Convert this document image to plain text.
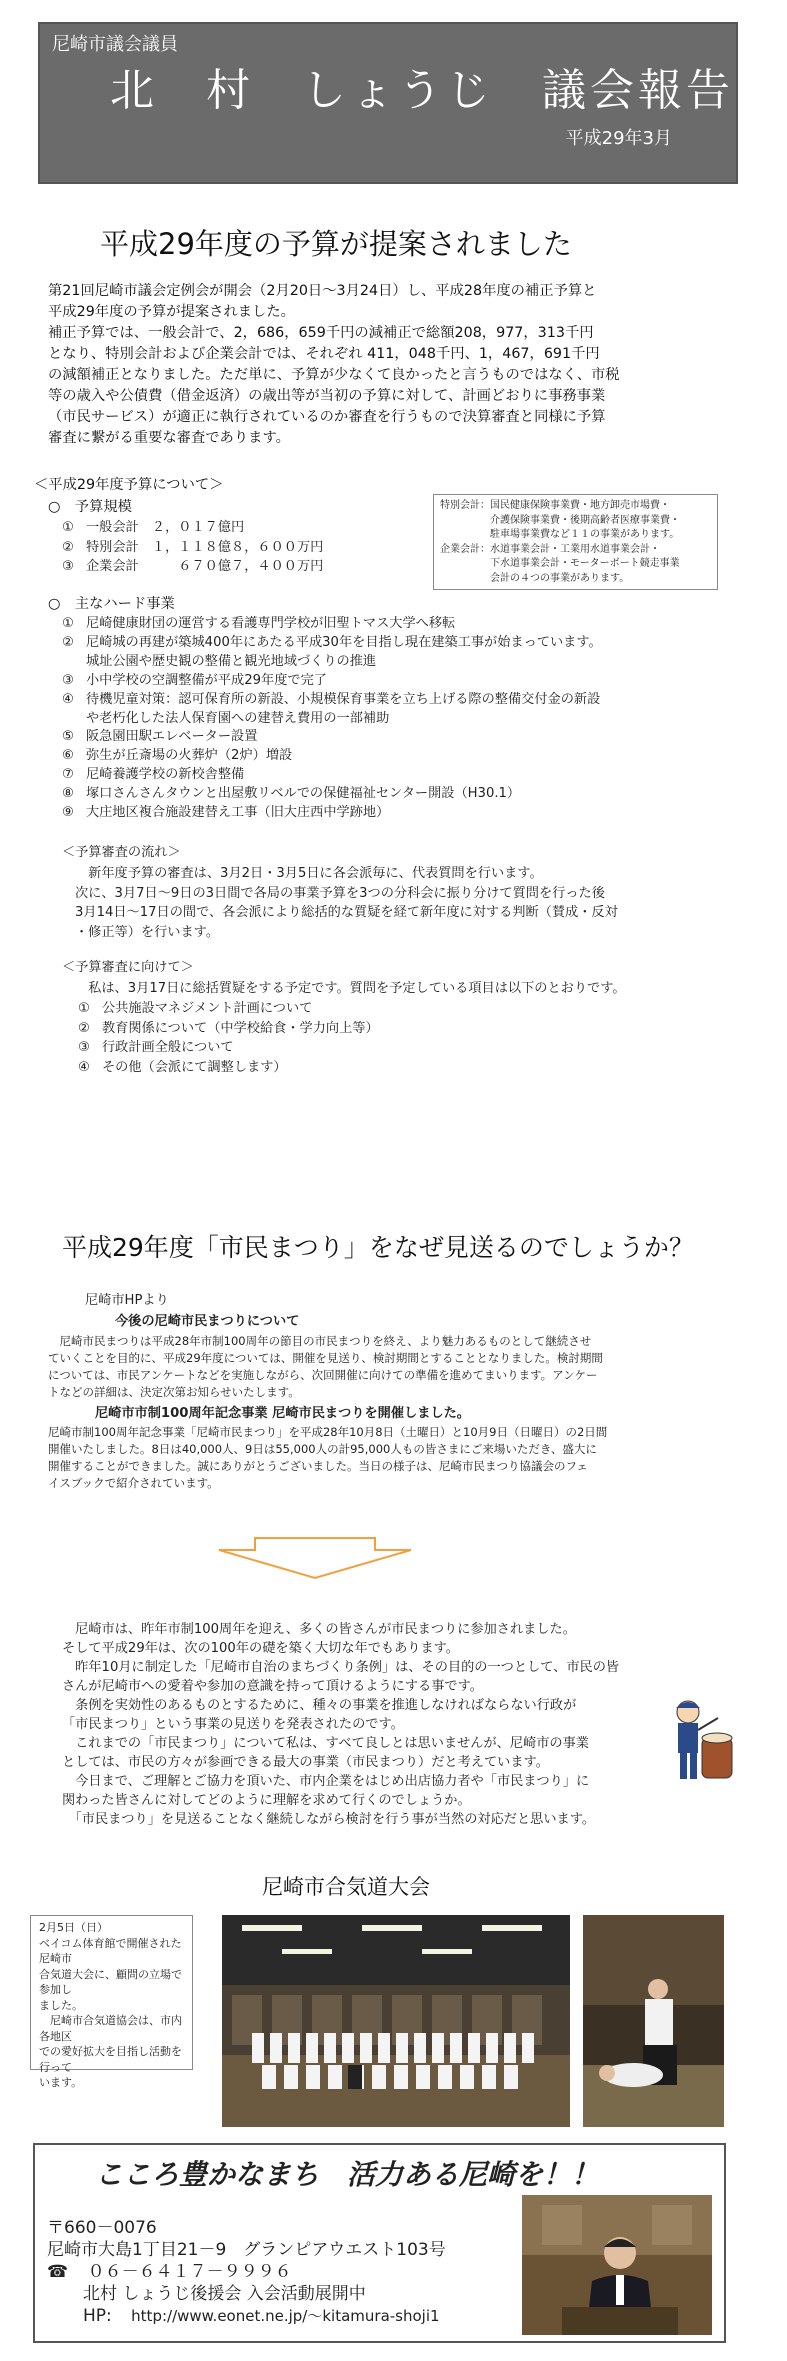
尼崎市議会議員
北　村　しょうじ　議会報告
平成29年3月
平成29年度の予算が提案されました

第21回尼崎市議会定例会が開会（2月20日～3月24日）し、平成28年度の補正予算と

平成29年度の予算が提案されました。

補正予算では、一般会計で、2，686，659千円の減補正で総額208，977，313千円

となり、特別会計および企業会計では、それぞれ 411，048千円、1，467，691千円

の減額補正となりました。ただ単に、予算が少なくて良かったと言うものではなく、市税

等の歳入や公債費（借金返済）の歳出等が当初の予算に対して、計画どおりに事務事業

（市民サービス）が適正に執行されているのか審査を行うもので決算審査と同様に予算

審査に繋がる重要な審査であります。

＜平成29年度予算について＞
○　予算規模
① 一般会計　２，０１７億円
② 特別会計　１，１１８億８，６００万円
③ 企業会計　　　６７０億７，４００万円
特別会計：国民健康保険事業費・地方卸売市場費・
　　　　　介護保険事業費・後期高齢者医療事業費・
　　　　　駐車場事業費など１１の事業があります。
企業会計：水道事業会計・工業用水道事業会計・
　　　　　下水道事業会計・モーターボート競走事業
　　　　　会計の４つの事業があります。
○　主なハード事業
① 尼崎健康財団の運営する看護専門学校が旧聖トマス大学へ移転
② 尼崎城の再建が築城400年にあたる平成30年を目指し現在建築工事が始まっています。
城址公園や歴史観の整備と観光地域づくりの推進
③ 小中学校の空調整備が平成29年度で完了
④ 待機児童対策：認可保育所の新設、小規模保育事業を立ち上げる際の整備交付金の新設
や老朽化した法人保育園への建替え費用の一部補助
⑤ 阪急園田駅エレベーター設置
⑥ 弥生が丘斎場の火葬炉（2炉）増設
⑦ 尼崎養護学校の新校舎整備
⑧ 塚口さんさんタウンと出屋敷リベルでの保健福祉センター開設（H30.1）
⑨ 大庄地区複合施設建替え工事（旧大庄西中学跡地）
＜予算審査の流れ＞
　新年度予算の審査は、3月2日・3月5日に各会派毎に、代表質問を行います。
次に、3月7日～9日の3日間で各局の事業予算を3つの分科会に振り分けて質問を行った後
3月14日～17日の間で、各会派により総括的な質疑を経て新年度に対する判断（賛成・反対
・修正等）を行います。
＜予算審査に向けて＞
　私は、3月17日に総括質疑をする予定です。質問を予定している項目は以下のとおりです。
① 公共施設マネジメント計画について
② 教育関係について（中学校給食・学力向上等）
③ 行政計画全般について
④ その他（会派にて調整します）
平成29年度「市民まつり」をなぜ見送るのでしょうか？
尼崎市HPより
今後の尼崎市民まつりについて
　尼崎市民まつりは平成28年市制100周年の節目の市民まつりを終え、より魅力あるものとして継続させ
ていくことを目的に、平成29年度については、開催を見送り、検討期間とすることとなりました。検討期間
については、市民アンケートなどを実施しながら、次回開催に向けての準備を進めてまいります。アンケー
トなどの詳細は、決定次第お知らせいたします。
尼崎市市制100周年記念事業 尼崎市民まつりを開催しました。
尼崎市制100周年記念事業「尼崎市民まつり」を平成28年10月8日（土曜日）と10月9日（日曜日）の2日間
開催いたしました。8日は40,000人、9日は55,000人の計95,000人もの皆さまにご来場いただき、盛大に
開催することができました。誠にありがとうございました。当日の様子は、尼崎市民まつり協議会のフェ
イスブックで紹介されています。
　尼崎市は、昨年市制100周年を迎え、多くの皆さんが市民まつりに参加されました。
そして平成29年は、次の100年の礎を築く大切な年でもあります。
　昨年10月に制定した「尼崎市自治のまちづくり条例」は、その目的の一つとして、市民の皆
さんが尼崎市への愛着や参加の意識を持って頂けるようにする事です。
　条例を実効性のあるものとするために、種々の事業を推進しなければならない行政が
「市民まつり」という事業の見送りを発表されたのです。
　これまでの「市民まつり」について私は、すべて良しとは思いませんが、尼崎市の事業
としては、市民の方々が参画できる最大の事業（市民まつり）だと考えています。
　今日まで、ご理解とご協力を頂いた、市内企業をはじめ出店協力者や「市民まつり」に
関わった皆さんに対してどのように理解を求めて行くのでしょうか。
　「市民まつり」を見送ることなく継続しながら検討を行う事が当然の対応だと思います。
尼崎市合気道大会
2月5日（日）
ベイコム体育館で開催された尼崎市
合気道大会に、顧問の立場で参加し
ました。
　尼崎市合気道協会は、市内各地区
での愛好拡大を目指し活動を行って
います。
こころ豊かなまち　活力ある尼崎を！！
〒660－0076
尼崎市大島1丁目21－9　グランピアウエスト103号
☎ ０６－６４１７－９９９６
北村 しょうじ後援会 入会活動展開中
HP: http://www.eonet.ne.jp/～kitamura-shoji1
